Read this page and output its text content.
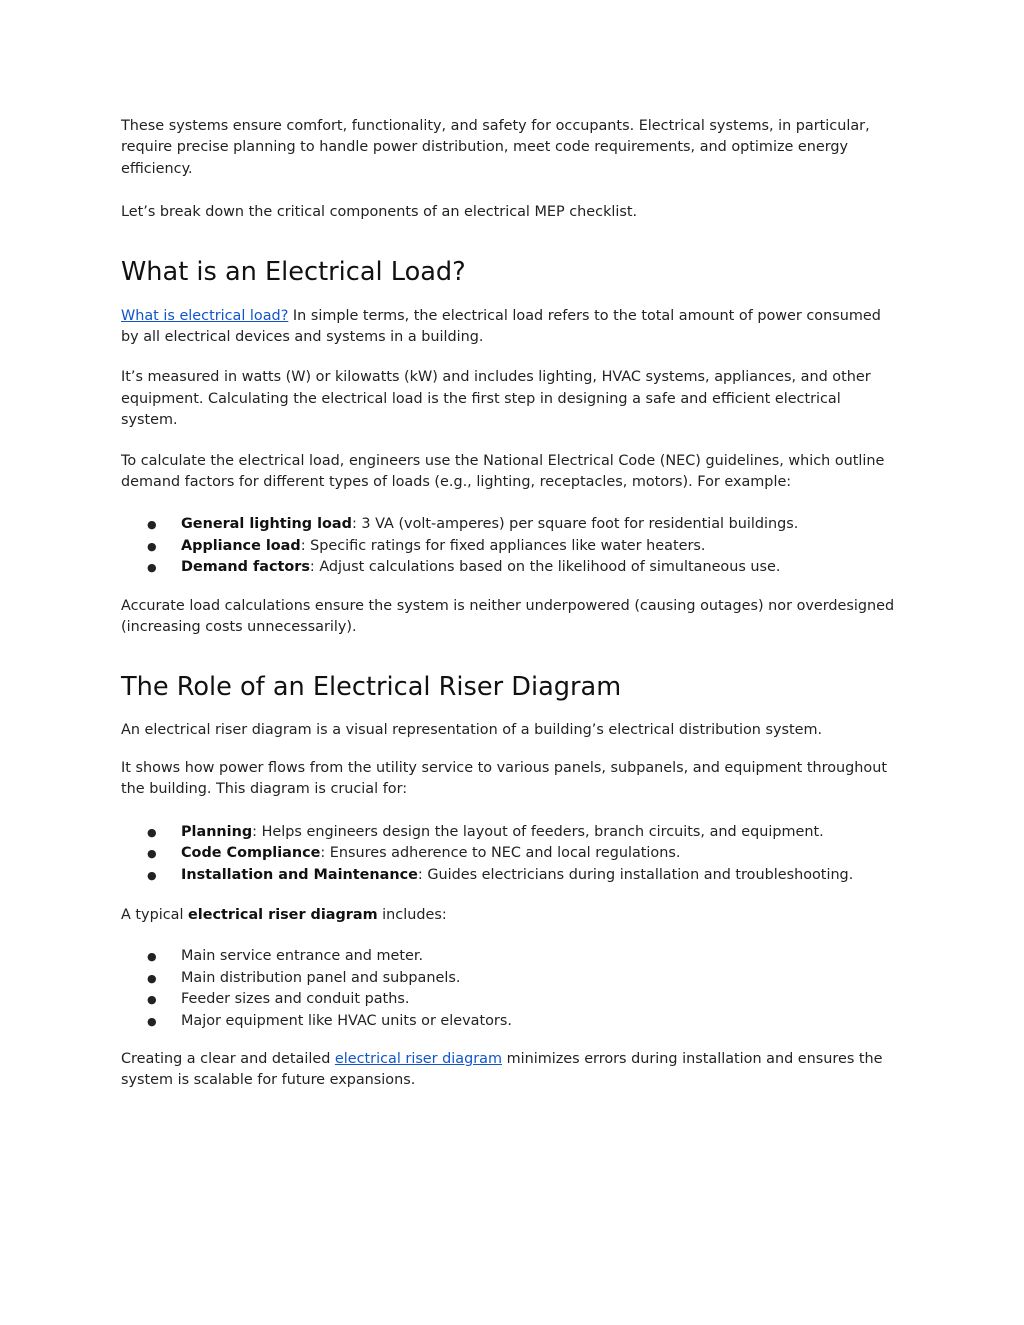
These systems ensure comfort, functionality, and safety for occupants. Electrical systems, in particular, require precise planning to handle power distribution, meet code requirements, and optimize energy efficiency.

Let’s break down the critical components of an electrical MEP checklist.

What is an Electrical Load?

What is electrical load? In simple terms, the electrical load refers to the total amount of power consumed by all electrical devices and systems in a building.

It’s measured in watts (W) or kilowatts (kW) and includes lighting, HVAC systems, appliances, and other equipment. Calculating the electrical load is the first step in designing a safe and efficient electrical system.

To calculate the electrical load, engineers use the National Electrical Code (NEC) guidelines, which outline demand factors for different types of loads (e.g., lighting, receptacles, motors). For example:

● General lighting load: 3 VA (volt-amperes) per square foot for residential buildings.
● Appliance load: Specific ratings for fixed appliances like water heaters.
● Demand factors: Adjust calculations based on the likelihood of simultaneous use.

Accurate load calculations ensure the system is neither underpowered (causing outages) nor overdesigned (increasing costs unnecessarily).

The Role of an Electrical Riser Diagram

An electrical riser diagram is a visual representation of a building’s electrical distribution system.

It shows how power flows from the utility service to various panels, subpanels, and equipment throughout the building. This diagram is crucial for:

● Planning: Helps engineers design the layout of feeders, branch circuits, and equipment.
● Code Compliance: Ensures adherence to NEC and local regulations.
● Installation and Maintenance: Guides electricians during installation and troubleshooting.

A typical electrical riser diagram includes:

● Main service entrance and meter.
● Main distribution panel and subpanels.
● Feeder sizes and conduit paths.
● Major equipment like HVAC units or elevators.

Creating a clear and detailed electrical riser diagram minimizes errors during installation and ensures the system is scalable for future expansions.
